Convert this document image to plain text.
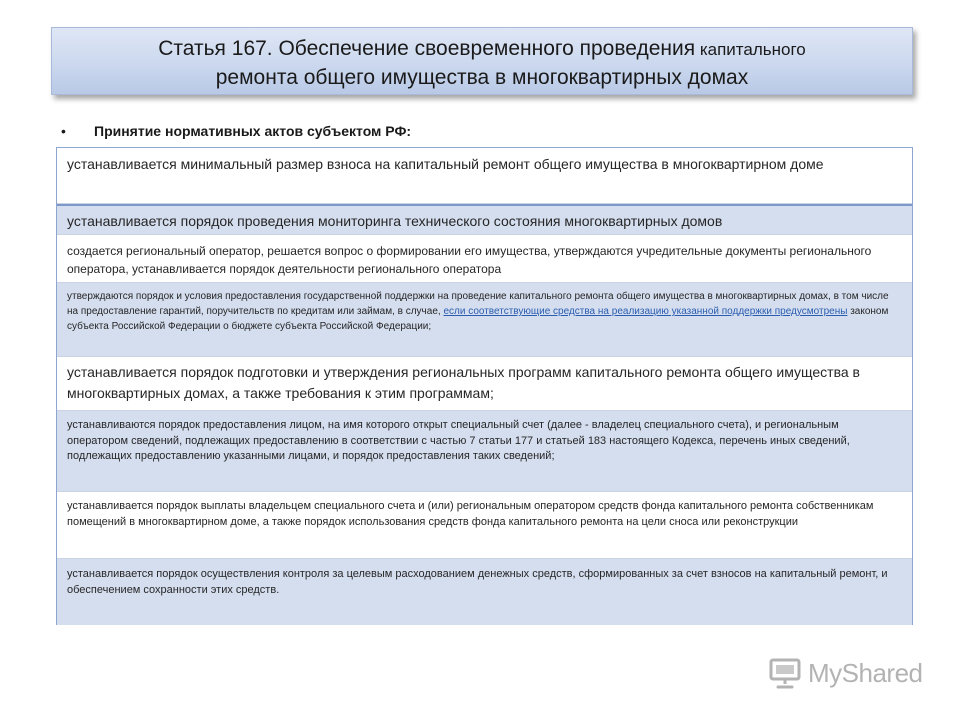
Статья 167. Обеспечение своевременного проведения капитального
ремонта общего имущества в многоквартирных домах
• Принятие нормативных актов субъектом РФ:
устанавливается минимальный размер взноса на капитальный ремонт общего имущества в многоквартирном доме
устанавливается порядок проведения мониторинга технического состояния многоквартирных домов
создается региональный оператор, решается вопрос о формировании его имущества, утверждаются учредительные документы регионального оператора, устанавливается порядок деятельности регионального оператора
утверждаются порядок и условия предоставления государственной поддержки на проведение капитального ремонта общего имущества в многоквартирных домах, в том числе на предоставление гарантий, поручительств по кредитам или займам, в случае, если соответствующие средства на реализацию указанной поддержки предусмотрены законом субъекта Российской Федерации о бюджете субъекта Российской Федерации;
устанавливается порядок подготовки и утверждения региональных программ капитального ремонта общего имущества в многоквартирных домах, а также требования к этим программам;
устанавливаются порядок предоставления лицом, на имя которого открыт специальный счет (далее - владелец специального счета), и региональным оператором сведений, подлежащих предоставлению в соответствии с частью 7 статьи 177 и статьей 183 настоящего Кодекса, перечень иных сведений, подлежащих предоставлению указанными лицами, и порядок предоставления таких сведений;
устанавливается порядок выплаты владельцем специального счета и (или) региональным оператором средств фонда капитального ремонта собственникам помещений в многоквартирном доме, а также порядок использования средств фонда капитального ремонта на цели сноса или реконструкции
устанавливается порядок осуществления контроля за целевым расходованием денежных средств, сформированных за счет взносов на капитальный ремонт, и обеспечением сохранности этих средств.
MyShared
